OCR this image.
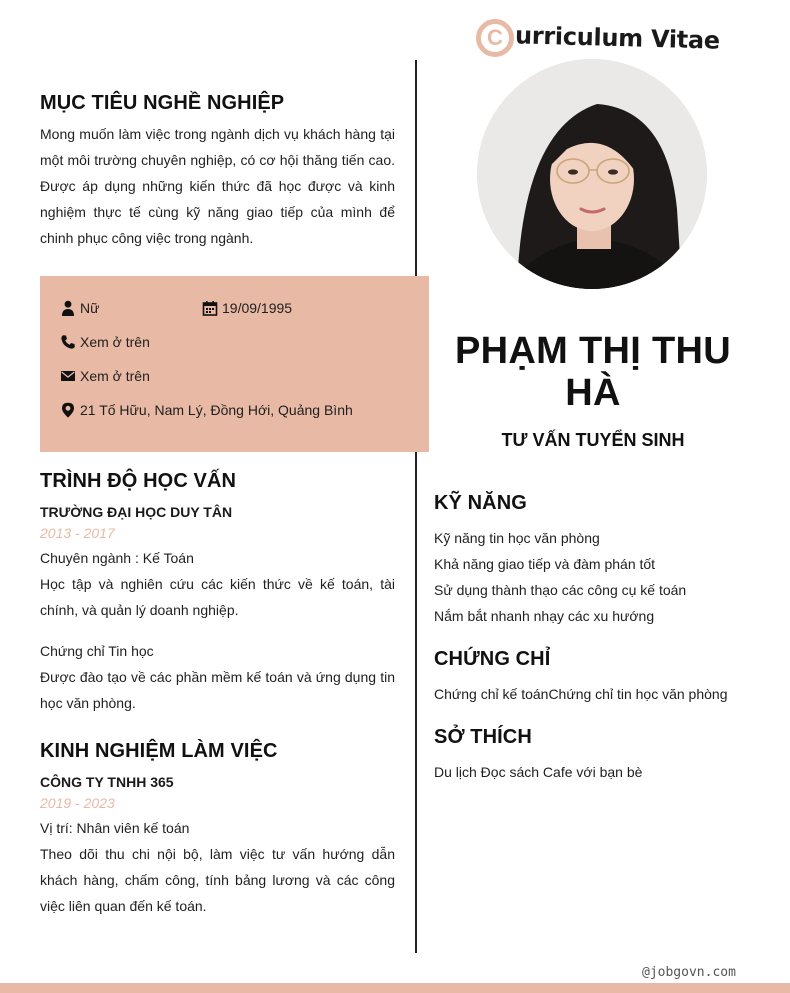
C urriculum Vitae
MỤC TIÊU NGHỀ NGHIỆP
Mong muốn làm việc trong ngành dịch vụ khách hàng tại một môi trường chuyên nghiệp, có cơ hội thăng tiến cao. Được áp dụng những kiến thức đã học được và kinh nghiệm thực tế cùng kỹ năng giao tiếp của mình để chinh phục công việc trong ngành.
Nữ	19/09/1995
Xem ở trên
Xem ở trên
21 Tố Hữu, Nam Lý, Đồng Hới, Quảng Bình
TRÌNH ĐỘ HỌC VẤN
TRƯỜNG ĐẠI HỌC DUY TÂN
2013 - 2017
Chuyên ngành : Kế Toán
Học tập và nghiên cứu các kiến thức về kế toán, tài chính, và quản lý doanh nghiệp.
Chứng chỉ Tin học
Được đào tạo về các phần mềm kế toán và ứng dụng tin học văn phòng.
KINH NGHIỆM LÀM VIỆC
CÔNG TY TNHH 365
2019 - 2023
Vị trí: Nhân viên kế toán
Theo dõi thu chi nội bộ, làm việc tư vấn hướng dẫn khách hàng, chấm công, tính bảng lương và các công việc liên quan đến kế toán.
PHẠM THỊ THU HÀ
TƯ VẤN TUYỂN SINH
KỸ NĂNG
Kỹ năng tin học văn phòng
Khả năng giao tiếp và đàm phán tốt
Sử dụng thành thạo các công cụ kế toán
Nắm bắt nhanh nhạy các xu hướng
CHỨNG CHỈ
Chứng chỉ kế toánChứng chỉ tin học văn phòng
SỞ THÍCH
Du lịch Đọc sách Cafe với bạn bè
@jobgovn.com
